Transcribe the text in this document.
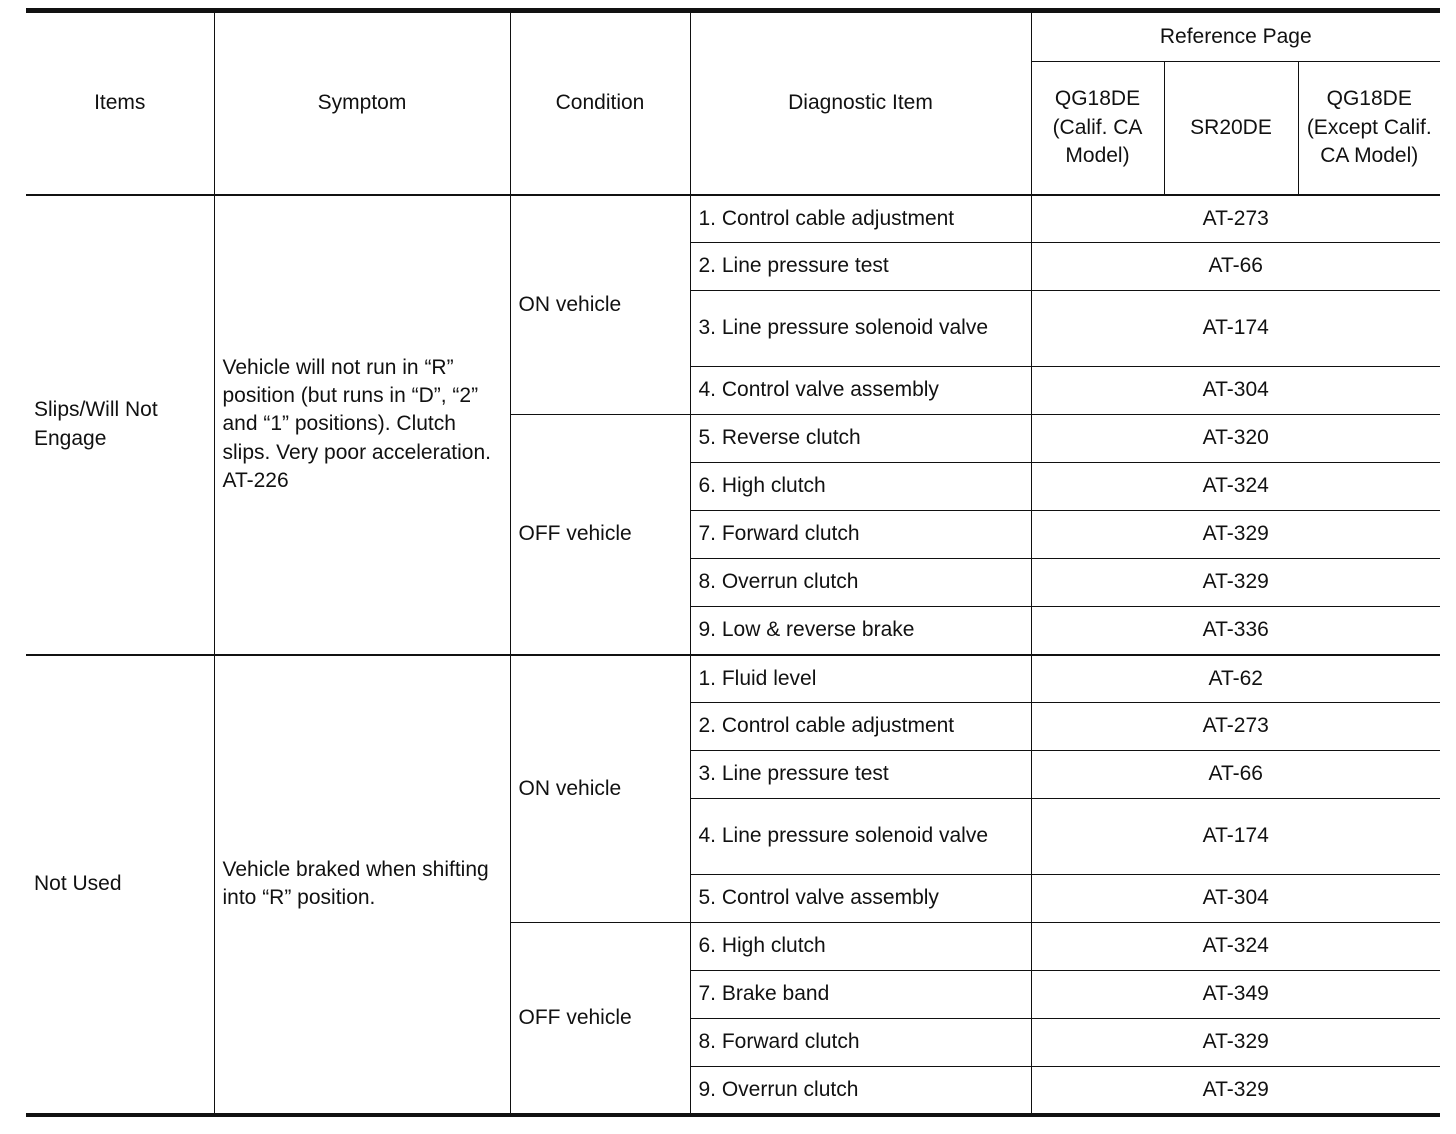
Items	Symptom	Condition	Diagnostic Item	Reference Page		
				QG18DE (Calif. CA Model)	SR20DE	QG18DE (Except Calif. CA Model)
Slips/Will Not Engage	Vehicle will not run in “R” position (but runs in “D”, “2” and “1” positions). Clutch slips. Very poor acceleration. AT-226	ON vehicle	1. Control cable adjustment	AT-273		
			2. Line pressure test	AT-66		
			3. Line pressure solenoid valve	AT-174		
			4. Control valve assembly	AT-304		
		OFF vehicle	5. Reverse clutch	AT-320		
			6. High clutch	AT-324		
			7. Forward clutch	AT-329		
			8. Overrun clutch	AT-329		
			9. Low & reverse brake	AT-336		
Not Used	Vehicle braked when shifting into “R” position.	ON vehicle	1. Fluid level	AT-62		
			2. Control cable adjustment	AT-273		
			3. Line pressure test	AT-66		
			4. Line pressure solenoid valve	AT-174		
			5. Control valve assembly	AT-304		
		OFF vehicle	6. High clutch	AT-324		
			7. Brake band	AT-349		
			8. Forward clutch	AT-329		
			9. Overrun clutch	AT-329		
